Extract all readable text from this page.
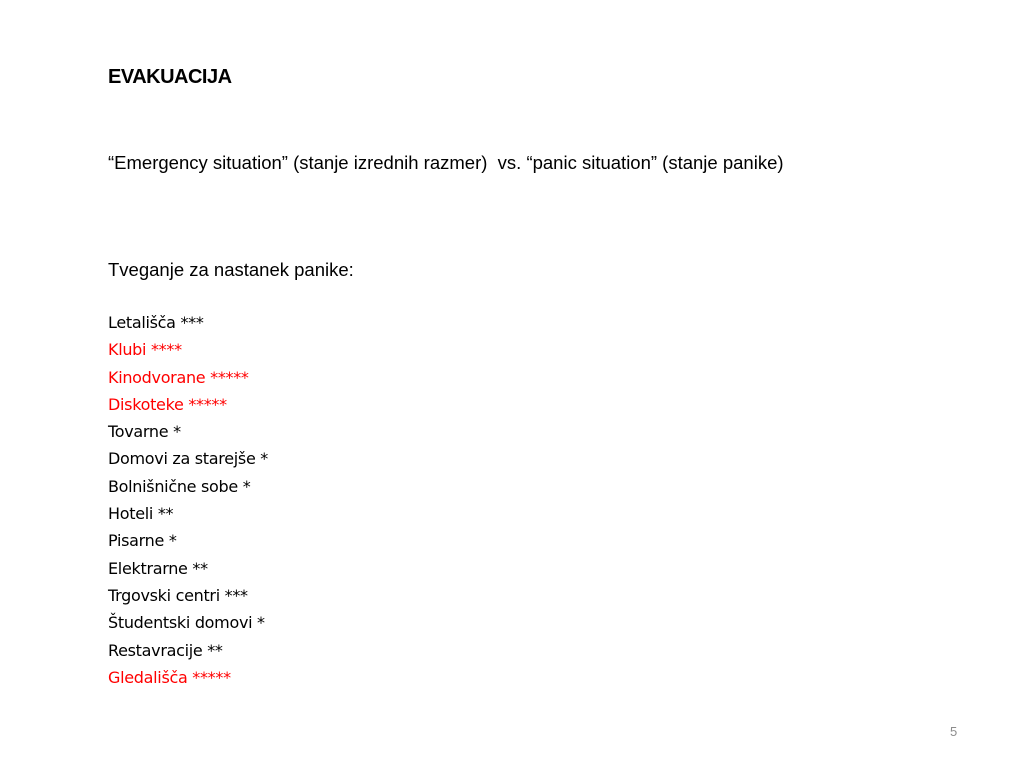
EVAKUACIJA

“Emergency situation” (stanje izrednih razmer)  vs. “panic situation” (stanje panike)

Tveganje za nastanek panike:

Letališča ***
Klubi ****
Kinodvorane *****
Diskoteke *****
Tovarne *
Domovi za starejše *
Bolnišnične sobe *
Hoteli **
Pisarne *
Elektrarne **
Trgovski centri ***
Študentski domovi *
Restavracije **
Gledališča *****
5
